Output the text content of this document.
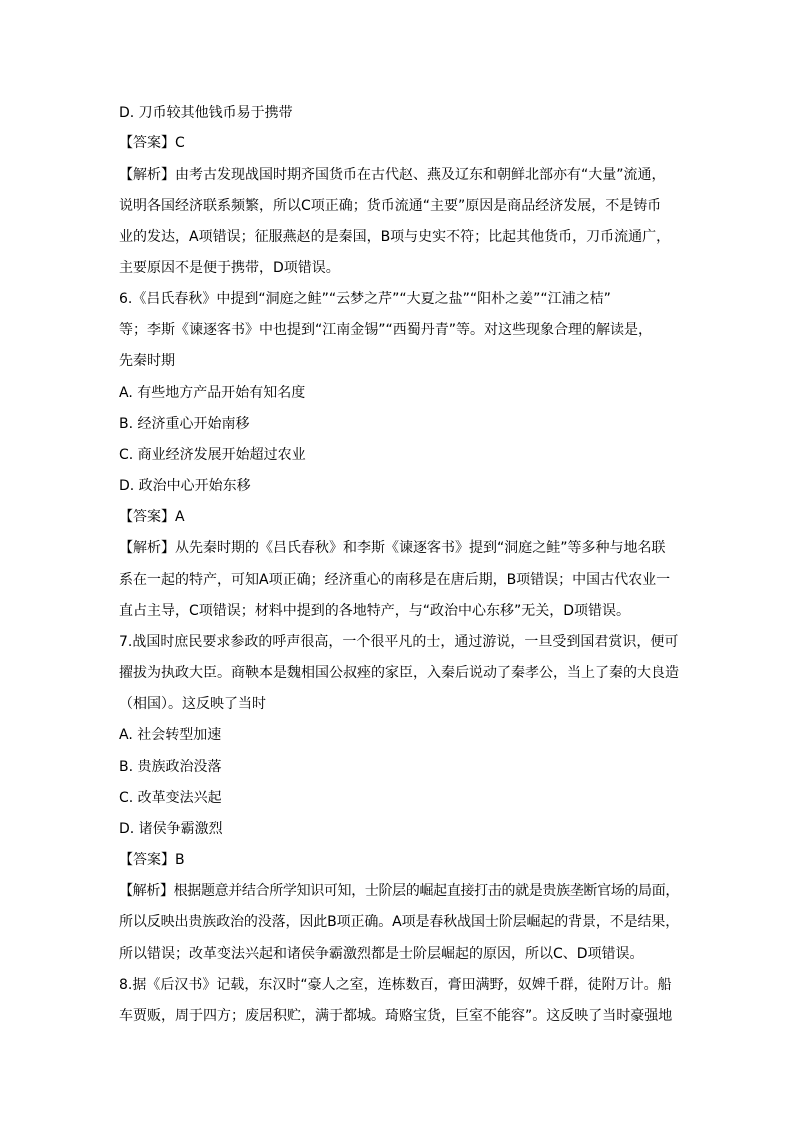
D. 刀币较其他钱币易于携带
【答案】C
【解析】由考古发现战国时期齐国货币在古代赵、燕及辽东和朝鲜北部亦有“大量”流通，
说明各国经济联系频繁，所以C项正确；货币流通“主要”原因是商品经济发展，不是铸币
业的发达，A项错误；征服燕赵的是秦国，B项与史实不符；比起其他货币，刀币流通广，
主要原因不是便于携带，D项错误。
6.《吕氏春秋》中提到“洞庭之鲑”“云梦之芹”“大夏之盐”“阳朴之姜”“江浦之桔”
等；李斯《谏逐客书》中也提到“江南金锡”“西蜀丹青”等。对这些现象合理的解读是，
先秦时期
A. 有些地方产品开始有知名度
B. 经济重心开始南移
C. 商业经济发展开始超过农业
D. 政治中心开始东移
【答案】A
【解析】从先秦时期的《吕氏春秋》和李斯《谏逐客书》提到“洞庭之鲑”等多种与地名联
系在一起的特产，可知A项正确；经济重心的南移是在唐后期，B项错误；中国古代农业一
直占主导，C项错误；材料中提到的各地特产，与“政治中心东移”无关，D项错误。
7.战国时庶民要求参政的呼声很高，一个很平凡的士，通过游说，一旦受到国君赏识，便可
擢拔为执政大臣。商鞅本是魏相国公叔痤的家臣，入秦后说动了秦孝公，当上了秦的大良造
（相国）。这反映了当时
A. 社会转型加速
B. 贵族政治没落
C. 改革变法兴起
D. 诸侯争霸激烈
【答案】B
【解析】根据题意并结合所学知识可知，士阶层的崛起直接打击的就是贵族垄断官场的局面，
所以反映出贵族政治的没落，因此B项正确。A项是春秋战国士阶层崛起的背景，不是结果，
所以错误；改革变法兴起和诸侯争霸激烈都是士阶层崛起的原因，所以C、D项错误。
8.据《后汉书》记载，东汉时“豪人之室，连栋数百，膏田满野，奴婢千群，徒附万计。船
车贾贩，周于四方；废居积贮，满于都城。琦赂宝货，巨室不能容”。这反映了当时豪强地
